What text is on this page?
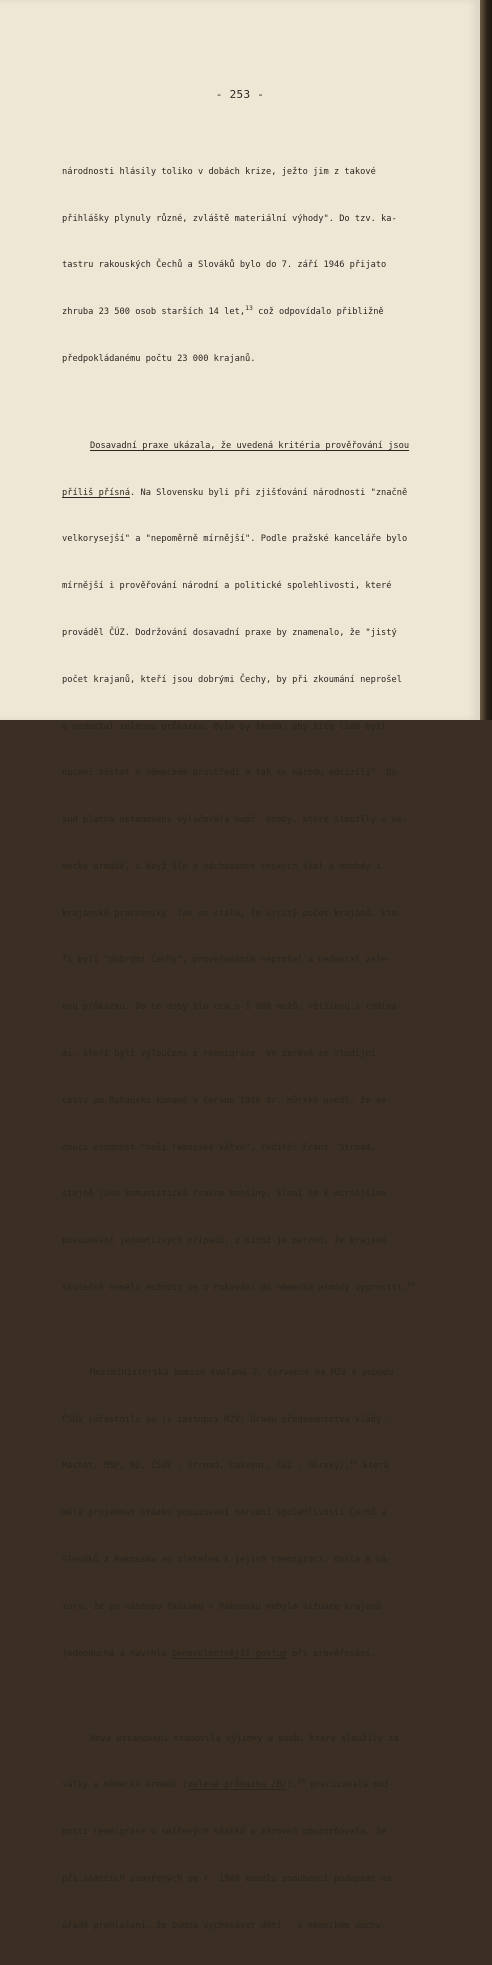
- 253 -

národnosti hlásily toliko v dobách krize, ježto jim z takové

přihlášky plynuly různé, zvláště materiální výhody". Do tzv. ka-

tastru rakouských Čechů a Slováků bylo do 7. září 1946 přijato

zhruba 23 500 osob starších 14 let,$^{13}$ což odpovídalo přibližně

předpokládanému počtu 23 000 krajanů.

Dosavadní praxe ukázala, že uvedená kritéria prověřování jsou

příliš přísná. Na Slovensku byli při zjišťování národnosti "značně

velkorysejší" a "nepoměrně mírnější". Podle pražské kanceláře bylo

mírnější i prověřování národní a politické spolehlivosti, které

prováděl ČÚZ. Dodržování dosavadní praxe by znamenalo, že "jistý

počet krajanů, kteří jsou dobrými Čechy, by při zkoumání neprošel

a nedostal zelenou průkazku. Byla by škoda, aby tito lidé byli

nuceni zůstat v německém prostředí a tak se národu odcizili". Do-

sud platná ustanovení vylučovala např. osoby, které sloužily v ně-

mecké armádě, i když šlo o odchovance českých škol a mnohdy i

krajanské pracovníky. Tak se stalo, že určitý počet krajanů, kte-

ří byli "dobrými Čechy", prověřováním neprošel a nedostal zele-

nou průkazku. Do té doby šlo cca o 1 000 mužů, většinou s rodina-

mi, kteří byli vyloučeni z reemigrace. Ve zprávě ze studijní

cesty po Rakousku konané v červnu 1946 dr. Hůrský uvedl, že ve-

doucí osobnost "naší rakouské větve", ředitel Frant. Strnad,

stejně jako komunistická frakce menšiny, kloní se k mírnějšímu

posuzování jednotlivých případů, z nichž je patrno, že krajané

skutečně neměli možnost se z rukování do německé armády vyprostit.$^{14}$

Meziministerská komise svolaná 2. července na MZV s popudu

ČSÚV (účastnili se jí zástupci MZV, Úřadu předsednictva vlády -

Machát, MSP, MZ, ČSÚV - Strnad, Lokvenc, ČÚZ - Hůrský),$^{15}$ která

měla projednat otázku posuzování národní spolehlivosti Čechů a

Slováků z Rakouska se zřetelem k jejich reemigraci, došla k ná-

zoru, že po nástupu fašismu v Rakousku nebyla situace krajanů

jednoduchá a navrhla benevolentnější postup při prověřování.

Nová ustanovení stanovila výjimky u osob, které sloužily za

války v německé armádě (zelená průkazka /B/),$^{16}$ precizovala mož-

nosti reemigrace u smíšených sňatků a zároveň upozorňovala, že

při sňatcích uzavřených po r. 1940 museli snoubenci podepsat na

úřadě prohlášení, že budou vychovávat děti   v německém duchu.
